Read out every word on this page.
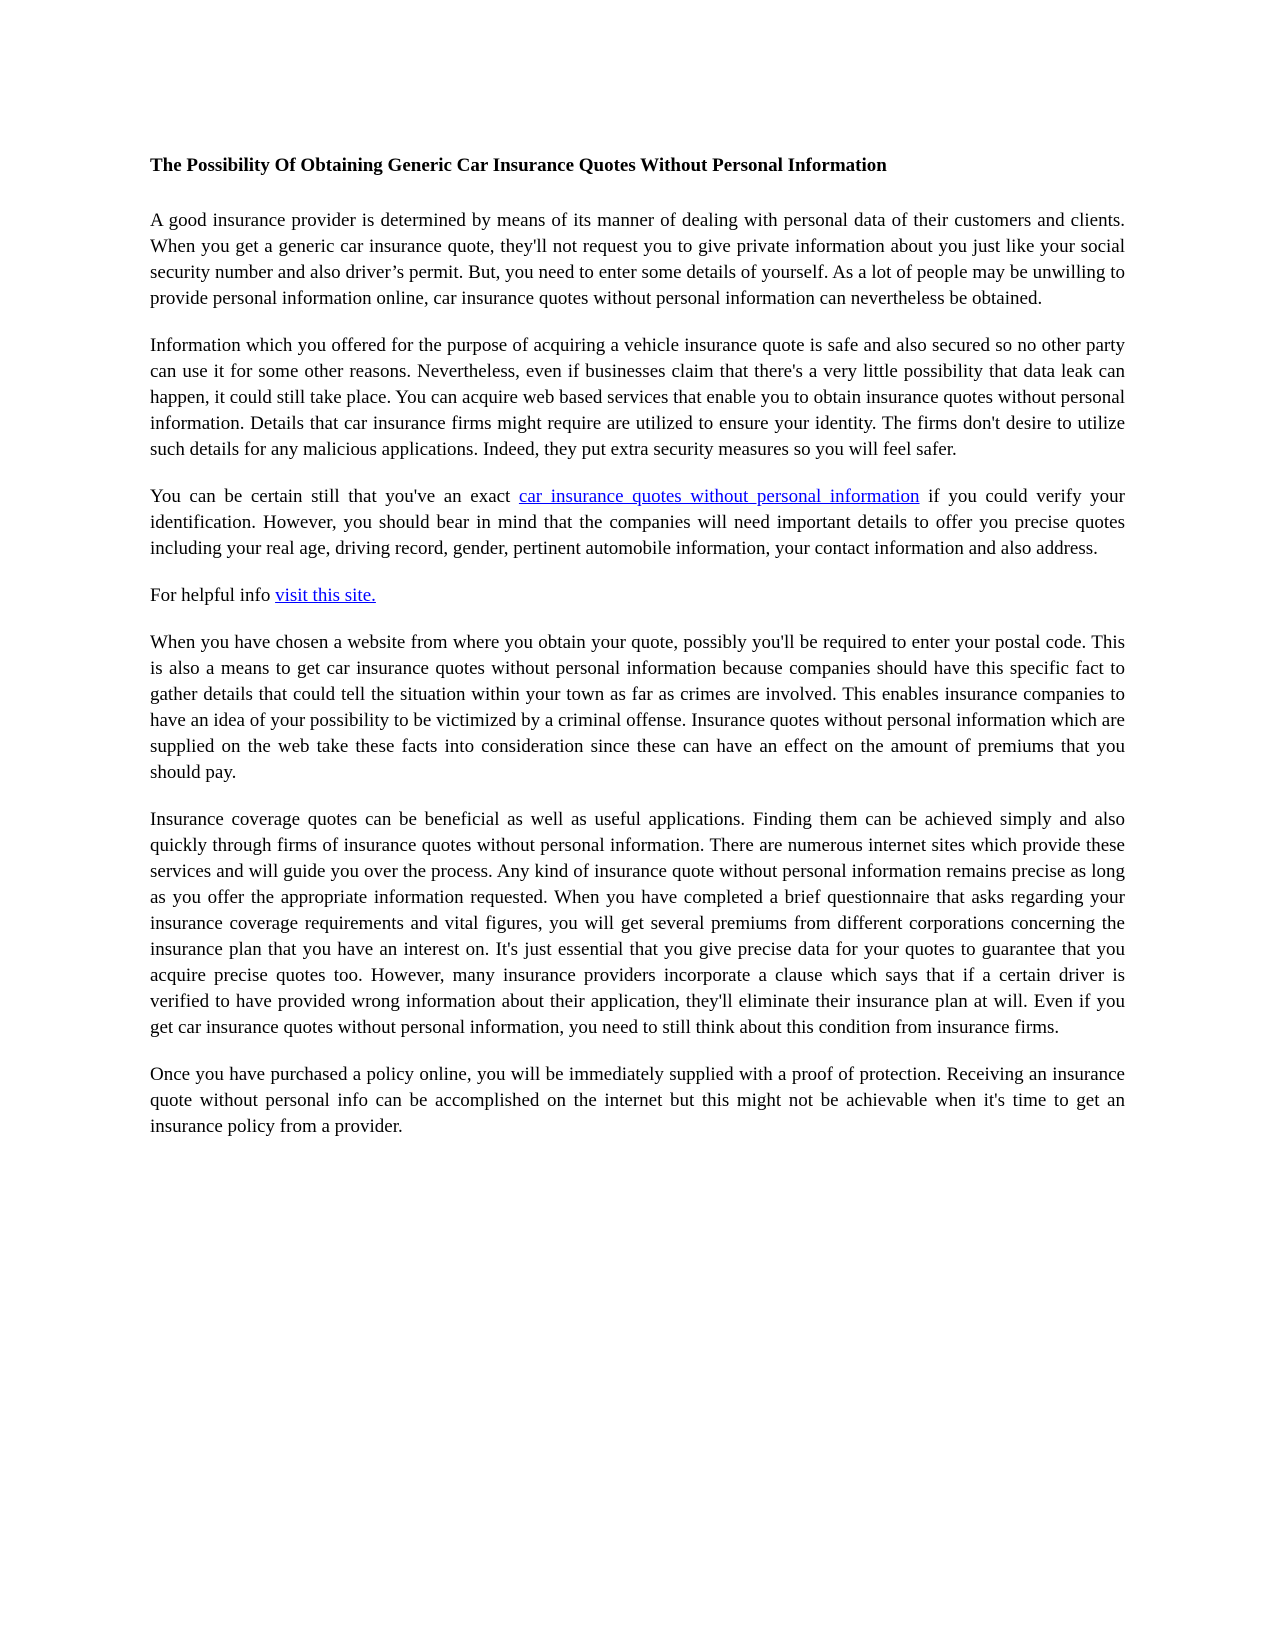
The Possibility Of Obtaining Generic Car Insurance Quotes Without Personal Information

A good insurance provider is determined by means of its manner of dealing with personal data of their customers and clients. When you get a generic car insurance quote, they'll not request you to give private information about you just like your social security number and also driver’s permit. But, you need to enter some details of yourself. As a lot of people may be unwilling to provide personal information online, car insurance quotes without personal information can nevertheless be obtained.

Information which you offered for the purpose of acquiring a vehicle insurance quote is safe and also secured so no other party can use it for some other reasons. Nevertheless, even if businesses claim that there's a very little possibility that data leak can happen, it could still take place. You can acquire web based services that enable you to obtain insurance quotes without personal information. Details that car insurance firms might require are utilized to ensure your identity. The firms don't desire to utilize such details for any malicious applications. Indeed, they put extra security measures so you will feel safer.

You can be certain still that you've an exact car insurance quotes without personal information if you could verify your identification. However, you should bear in mind that the companies will need important details to offer you precise quotes including your real age, driving record, gender, pertinent automobile information, your contact information and also address.

For helpful info visit this site.

When you have chosen a website from where you obtain your quote, possibly you'll be required to enter your postal code. This is also a means to get car insurance quotes without personal information because companies should have this specific fact to gather details that could tell the situation within your town as far as crimes are involved. This enables insurance companies to have an idea of your possibility to be victimized by a criminal offense. Insurance quotes without personal information which are supplied on the web take these facts into consideration since these can have an effect on the amount of premiums that you should pay.

Insurance coverage quotes can be beneficial as well as useful applications. Finding them can be achieved simply and also quickly through firms of insurance quotes without personal information. There are numerous internet sites which provide these services and will guide you over the process. Any kind of insurance quote without personal information remains precise as long as you offer the appropriate information requested. When you have completed a brief questionnaire that asks regarding your insurance coverage requirements and vital figures, you will get several premiums from different corporations concerning the insurance plan that you have an interest on. It's just essential that you give precise data for your quotes to guarantee that you acquire precise quotes too. However, many insurance providers incorporate a clause which says that if a certain driver is verified to have provided wrong information about their application, they'll eliminate their insurance plan at will. Even if you get car insurance quotes without personal information, you need to still think about this condition from insurance firms.

Once you have purchased a policy online, you will be immediately supplied with a proof of protection. Receiving an insurance quote without personal info can be accomplished on the internet but this might not be achievable when it's time to get an insurance policy from a provider.
